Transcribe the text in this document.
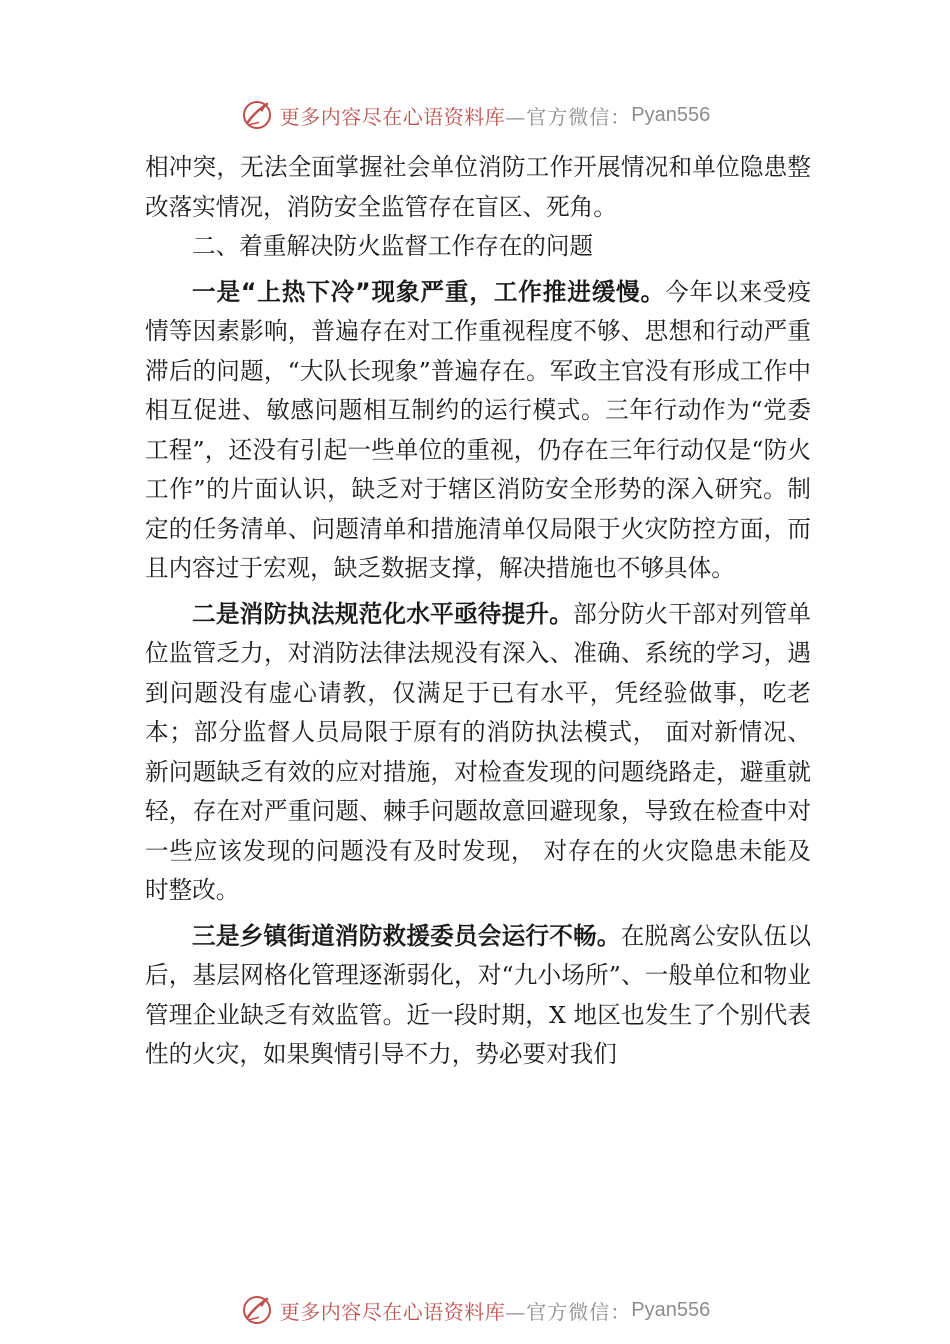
更多内容尽在心语资料库 —官方微信： Pyan556

相冲突，无法全面掌握社会单位消防工作开展情况和单位隐患整改落实情况，消防安全监管存在盲区、死角。

二、着重解决防火监督工作存在的问题

一是“上热下冷”现象严重，工作推进缓慢。今年以来受疫情等因素影响，普遍存在对工作重视程度不够、思想和行动严重滞后的问题，“大队长现象”普遍存在。军政主官没有形成工作中相互促进、敏感问题相互制约的运行模式。三年行动作为“党委工程”，还没有引起一些单位的重视，仍存在三年行动仅是“防火工作”的片面认识，缺乏对于辖区消防安全形势的深入研究。制定的任务清单、问题清单和措施清单仅局限于火灾防控方面，而且内容过于宏观，缺乏数据支撑，解决措施也不够具体。

二是消防执法规范化水平亟待提升。部分防火干部对列管单位监管乏力，对消防法律法规没有深入、准确、系统的学习，遇到问题没有虚心请教，仅满足于已有水平，凭经验做事，吃老本；部分监督人员局限于原有的消防执法模式， 面对新情况、新问题缺乏有效的应对措施，对检查发现的问题绕路走，避重就轻，存在对严重问题、棘手问题故意回避现象，导致在检查中对一些应该发现的问题没有及时发现， 对存在的火灾隐患未能及时整改。

三是乡镇街道消防救援委员会运行不畅。在脱离公安队伍以后，基层网格化管理逐渐弱化，对“九小场所”、一般单位和物业管理企业缺乏有效监管。近一段时期，X 地区也发生了个别代表性的火灾，如果舆情引导不力，势必要对我们

更多内容尽在心语资料库 —官方微信： Pyan556
